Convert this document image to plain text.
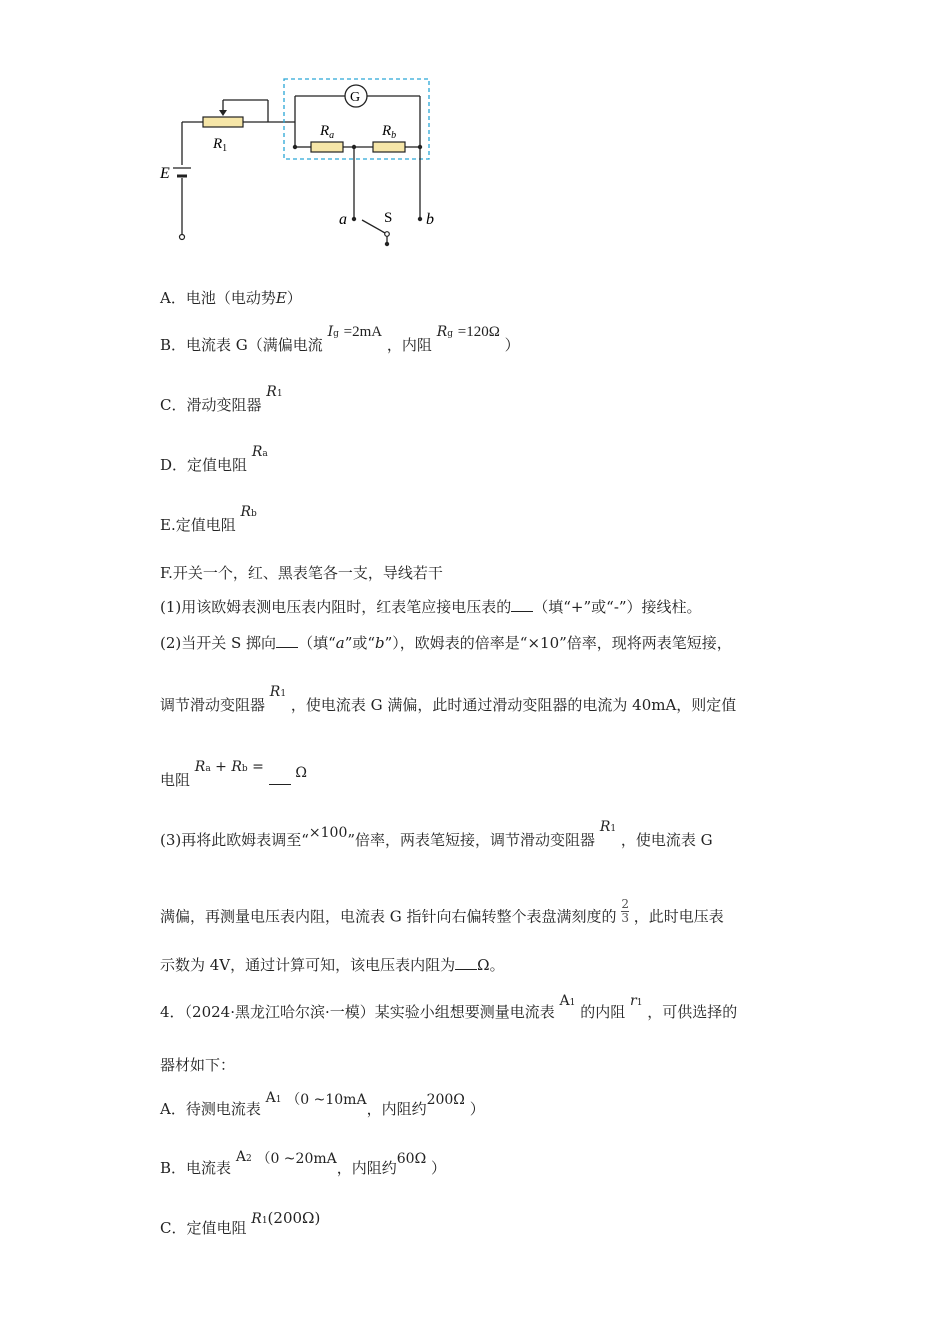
E
$R_1$
G
$R_a$	$R_b$
a	b
S
A．电池（电动势E）
B．电流表 G（满偏电流 Ig =2mA ，内阻 Rg =120Ω ）
C．滑动变阻器 R1
D．定值电阻 Ra
E.定值电阻 Rb
F.开关一个，红、黑表笔各一支，导线若干
(1)用该欧姆表测电压表内阻时，红表笔应接电压表的 （填“+”或“-”）接线柱。
(2)当开关 S 掷向 （填“a”或“b”），欧姆表的倍率是“×10”倍率，现将两表笔短接，
调节滑动变阻器 R1 ，使电流表 G 满偏，此时通过滑动变阻器的电流为 40mA，则定值
电阻 Ra + Rb = Ω
(3)再将此欧姆表调至“×100”倍率，两表笔短接，调节滑动变阻器 R1 ，使电流表 G
满偏，再测量电压表内阻，电流表 G 指针向右偏转整个表盘满刻度的 $\frac{2}{3}$ ，此时电压表
示数为 4V，通过计算可知，该电压表内阻为 Ω。
4．（2024·黑龙江哈尔滨·一模）某实验小组想要测量电流表 A1 的内阻 r1 ，可供选择的
器材如下：
A．待测电流表 A1 （0 ~10mA，内阻约200Ω ）
B．电流表 A2 （0 ~20mA，内阻约60Ω ）
C．定值电阻 R1(200Ω)
